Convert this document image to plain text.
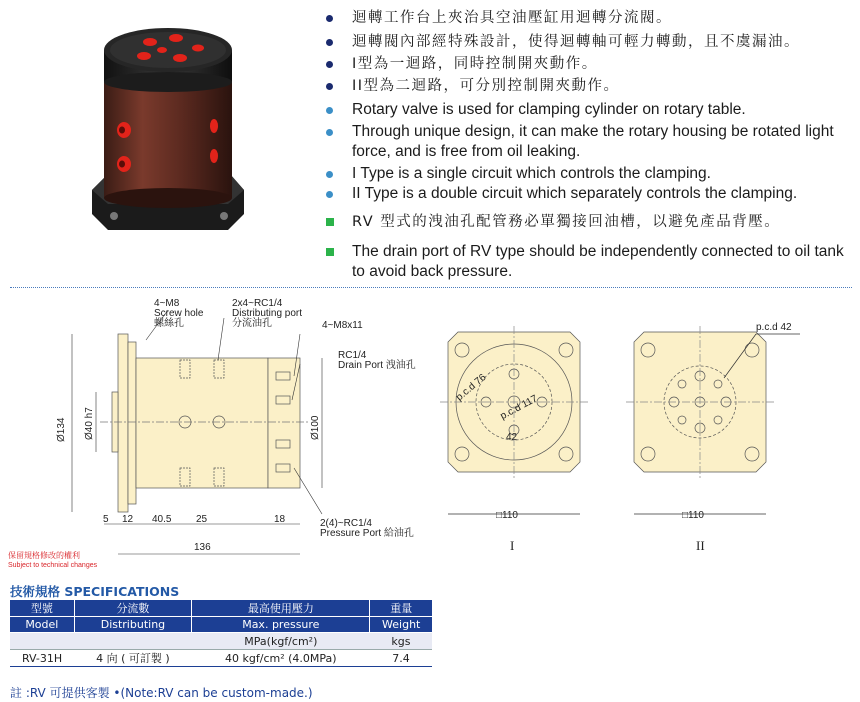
迴轉工作台上夾治具空油壓缸用迴轉分流閥。
迴轉閥內部經特殊設計，使得迴轉軸可輕力轉動，且不虞漏油。
I型為一迴路，同時控制開夾動作。
II型為二迴路，可分別控制開夾動作。
Rotary valve is used for clamping cylinder on rotary table.
Through unique design, it can make the rotary housing be rotated light
force, and is free from oil leaking.
I Type is a single circuit which controls the clamping.
II Type is a double circuit which separately controls the clamping.
RV 型式的洩油孔配管務必單獨接回油槽，以避免產品背壓。
The drain port of RV type should be independently connected to oil tank
to avoid back pressure.
4~M8
Screw hole
螺絲孔
2x4~RC1/4
Distributing port
分流油孔	4~M8x11
RC1/4
Drain Port 洩油孔
2(4)~RC1/4
Pressure Port 給油孔
Ø134 Ø40 h7	Ø100
5 12 40.5 25	18
136
保留規格修改的權利
Subject to technical changes
p.c.d 76
p.c.d 117
42
□110
I
p.c.d 42
□110
II
技術規格 SPECIFICATIONS
型號	分流數	最高使用壓力	重量
Model	Distributing	Max. pressure	Weight
		MPa(kgf/cm²)	kgs
RV-31H	4 向 ( 可訂製 )	40 kgf/cm² (4.0MPa)	7.4
註 :RV 可提供客製 •(Note:RV can be custom-made.)
